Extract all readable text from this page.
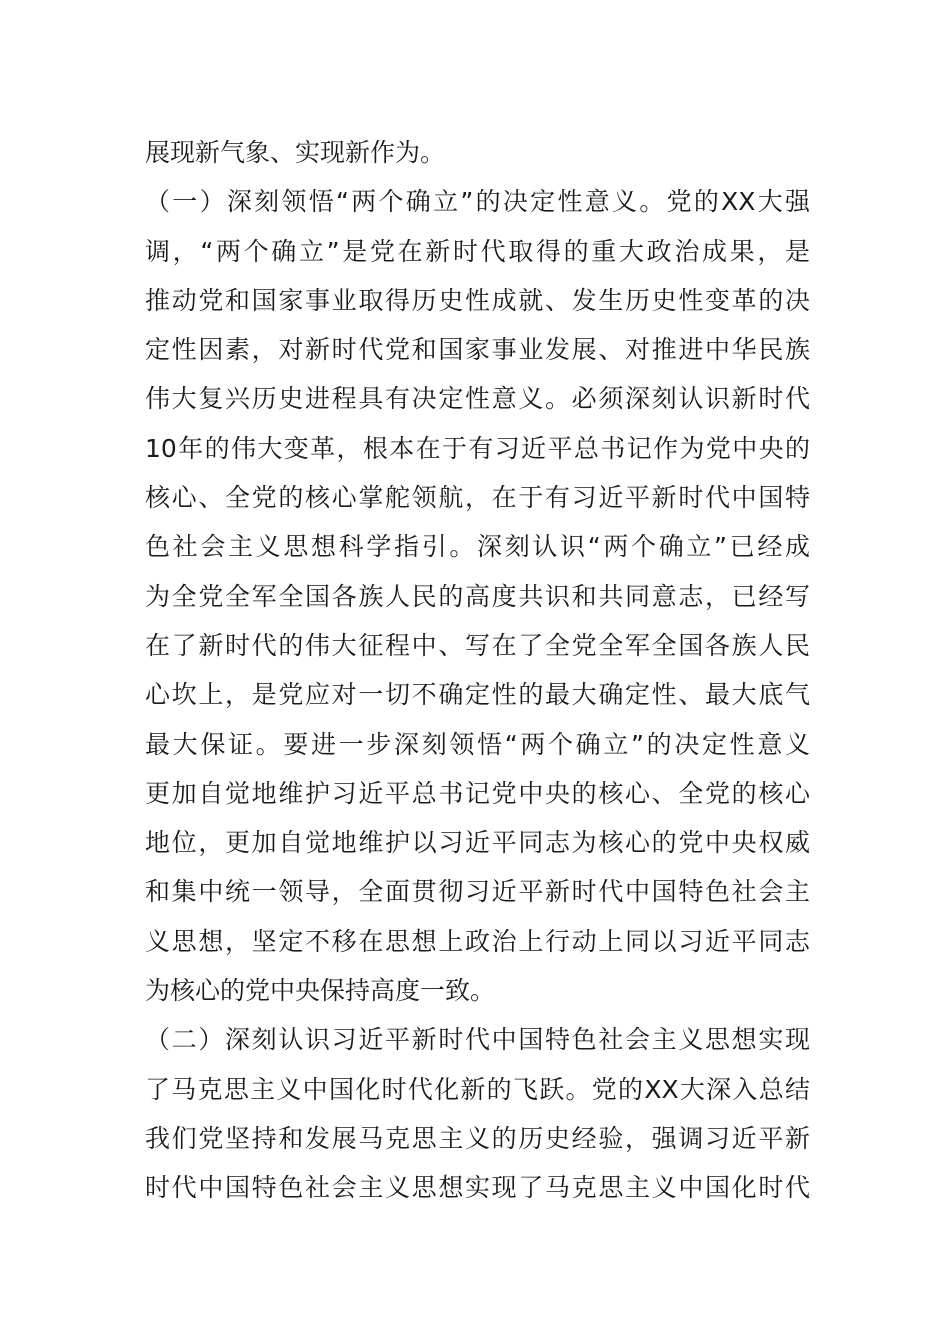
展现新气象、实现新作为。
（一）深刻领悟“两个确立”的决定性意义。党的XX大强
调，“两个确立”是党在新时代取得的重大政治成果，是
推动党和国家事业取得历史性成就、发生历史性变革的决
定性因素，对新时代党和国家事业发展、对推进中华民族
伟大复兴历史进程具有决定性意义。必须深刻认识新时代
10年的伟大变革，根本在于有习近平总书记作为党中央的
核心、全党的核心掌舵领航，在于有习近平新时代中国特
色社会主义思想科学指引。深刻认识“两个确立”已经成
为全党全军全国各族人民的高度共识和共同意志，已经写
在了新时代的伟大征程中、写在了全党全军全国各族人民
心坎上，是党应对一切不确定性的最大确定性、最大底气
最大保证。要进一步深刻领悟“两个确立”的决定性意义
更加自觉地维护习近平总书记党中央的核心、全党的核心
地位，更加自觉地维护以习近平同志为核心的党中央权威
和集中统一领导，全面贯彻习近平新时代中国特色社会主
义思想，坚定不移在思想上政治上行动上同以习近平同志
为核心的党中央保持高度一致。
（二）深刻认识习近平新时代中国特色社会主义思想实现
了马克思主义中国化时代化新的飞跃。党的XX大深入总结
我们党坚持和发展马克思主义的历史经验，强调习近平新
时代中国特色社会主义思想实现了马克思主义中国化时代
